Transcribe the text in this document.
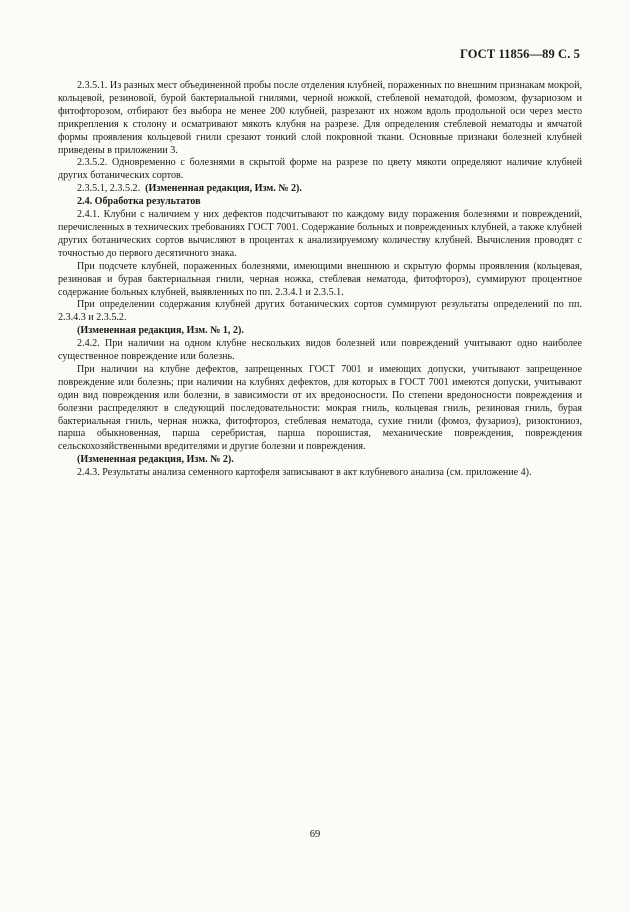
ГОСТ 11856—89 С. 5

2.3.5.1. Из разных мест объединенной пробы после отделения клубней, пораженных по внешним признакам мокрой, кольцевой, резиновой, бурой бактериальной гнилями, черной ножкой, стеблевой нематодой, фомозом, фузариозом и фитофторозом, отбирают без выбора не менее 200 клубней, разрезают их ножом вдоль продольной оси через место прикрепления к столону и осматривают мякоть клубня на разрезе. Для определения стеблевой нематоды и ямчатой формы проявления кольцевой гнили срезают тонкий слой покровной ткани. Основные признаки болезней клубней приведены в приложении 3.

2.3.5.2. Одновременно с болезнями в скрытой форме на разрезе по цвету мякоти определяют наличие клубней других ботанических сортов.

2.3.5.1, 2.3.5.2. (Измененная редакция, Изм. № 2).

2.4. Обработка результатов

2.4.1. Клубни с наличием у них дефектов подсчитывают по каждому виду поражения болезнями и повреждений, перечисленных в технических требованиях ГОСТ 7001. Содержание больных и поврежденных клубней, а также клубней других ботанических сортов вычисляют в процентах к анализируемому количеству клубней. Вычисления проводят с точностью до первого десятичного знака.

При подсчете клубней, пораженных болезнями, имеющими внешнюю и скрытую формы проявления (кольцевая, резиновая и бурая бактериальная гнили, черная ножка, стеблевая нематода, фитофтороз), суммируют процентное содержание больных клубней, выявленных по пп. 2.3.4.1 и 2.3.5.1.

При определении содержания клубней других ботанических сортов суммируют результаты определений по пп. 2.3.4.3 и 2.3.5.2.

(Измененная редакция, Изм. № 1, 2).

2.4.2. При наличии на одном клубне нескольких видов болезней или повреждений учитывают одно наиболее существенное повреждение или болезнь.

При наличии на клубне дефектов, запрещенных ГОСТ 7001 и имеющих допуски, учитывают запрещенное повреждение или болезнь; при наличии на клубнях дефектов, для которых в ГОСТ 7001 имеются допуски, учитывают один вид повреждения или болезни, в зависимости от их вредоносности. По степени вредоносности повреждения и болезни распределяют в следующий последовательности: мокрая гниль, кольцевая гниль, резиновая гниль, бурая бактериальная гниль, черная ножка, фитофтороз, стеблевая нематода, сухие гнили (фомоз, фузариоз), ризоктониоз, парша обыкновенная, парша серебристая, парша порошистая, механические повреждения, повреждения сельскохозяйственными вредителями и другие болезни и повреждения.

(Измененная редакция, Изм. № 2).

2.4.3. Результаты анализа семенного картофеля записывают в акт клубневого анализа (см. приложение 4).

69
